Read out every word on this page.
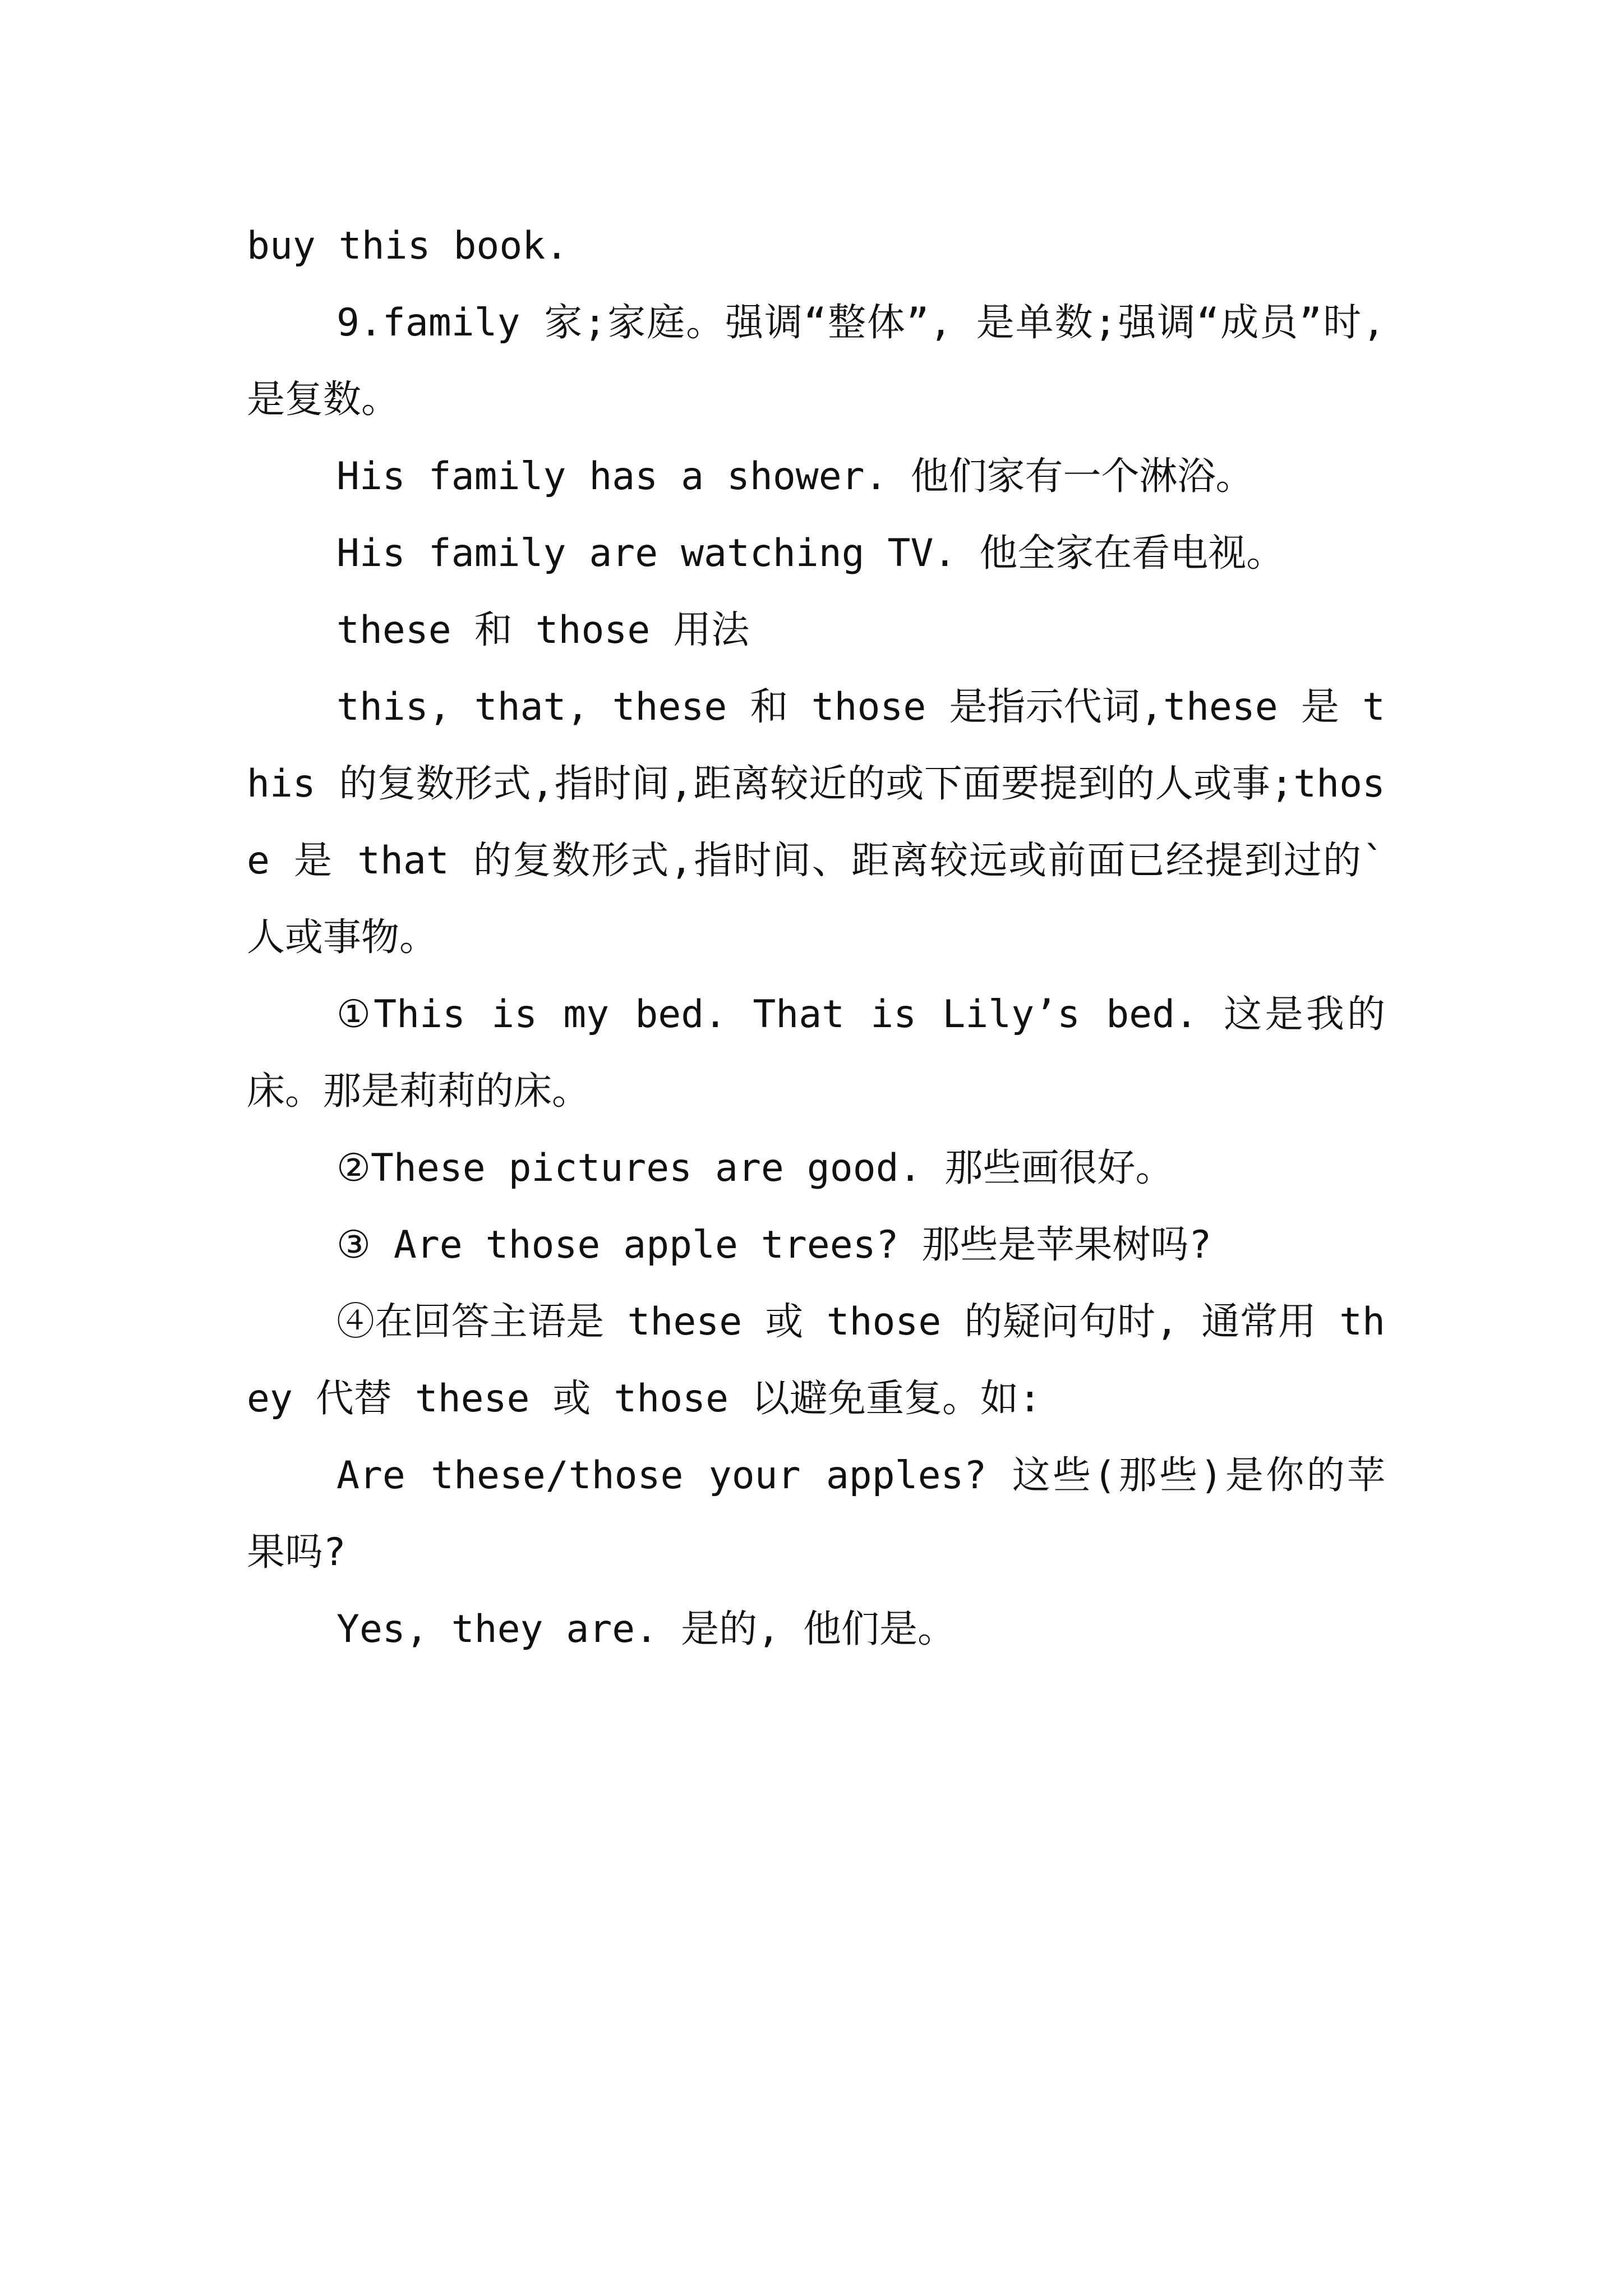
buy this book.

9.family 家;家庭。强调“整体”, 是单数;强调“成员”时, 是复数。

His family has a shower. 他们家有一个淋浴。

His family are watching TV. 他全家在看电视。

these 和 those 用法

this, that, these 和 those 是指示代词,these 是 this 的复数形式,指时间,距离较近的或下面要提到的人或事;those 是 that 的复数形式,指时间、距离较远或前面已经提到过的`人或事物。

①This is my bed. That is Lily’s bed. 这是我的床。那是莉莉的床。

②These pictures are good. 那些画很好。

③ Are those apple trees? 那些是苹果树吗?

④在回答主语是 these 或 those 的疑问句时, 通常用 they 代替 these 或 those 以避免重复。如:

Are these/those your apples? 这些(那些)是你的苹果吗?

Yes, they are. 是的, 他们是。
